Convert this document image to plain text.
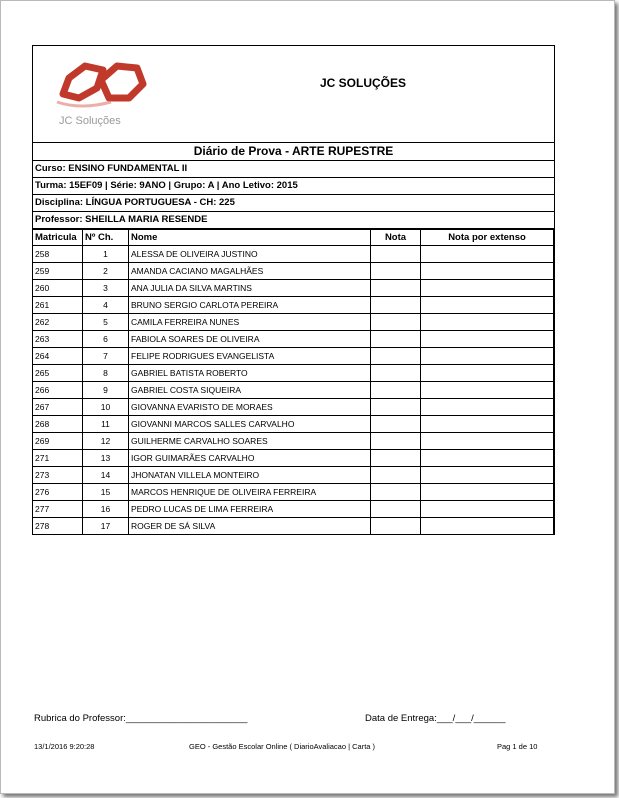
JC Soluções
JC SOLUÇÕES
Diário de Prova - ARTE RUPESTRE
Curso: ENSINO FUNDAMENTAL II
Turma: 15EF09 | Série: 9ANO | Grupo: A | Ano Letivo: 2015
Disciplina: LÍNGUA PORTUGUESA - CH: 225
Professor: SHEILLA MARIA RESENDE
Matricula	Nº Ch.	Nome	Nota	Nota por extenso
258	1	ALESSA DE OLIVEIRA JUSTINO		
259	2	AMANDA CACIANO MAGALHÃES		
260	3	ANA JULIA DA SILVA MARTINS		
261	4	BRUNO SERGIO CARLOTA PEREIRA		
262	5	CAMILA FERREIRA NUNES		
263	6	FABIOLA SOARES DE OLIVEIRA		
264	7	FELIPE RODRIGUES EVANGELISTA		
265	8	GABRIEL BATISTA ROBERTO		
266	9	GABRIEL COSTA SIQUEIRA		
267	10	GIOVANNA EVARISTO DE MORAES		
268	11	GIOVANNI MARCOS SALLES CARVALHO		
269	12	GUILHERME CARVALHO SOARES		
271	13	IGOR GUIMARÃES CARVALHO		
273	14	JHONATAN VILLELA MONTEIRO		
276	15	MARCOS HENRIQUE DE OLIVEIRA FERREIRA		
277	16	PEDRO LUCAS DE LIMA FERREIRA		
278	17	ROGER DE SÁ SILVA		
Rubrica do Professor:_______________________	Data de Entrega:___/___/______
13/1/2016 9:20:28	GEO - Gestão Escolar Online ( DiarioAvaliacao | Carta )	Pag 1 de 10
